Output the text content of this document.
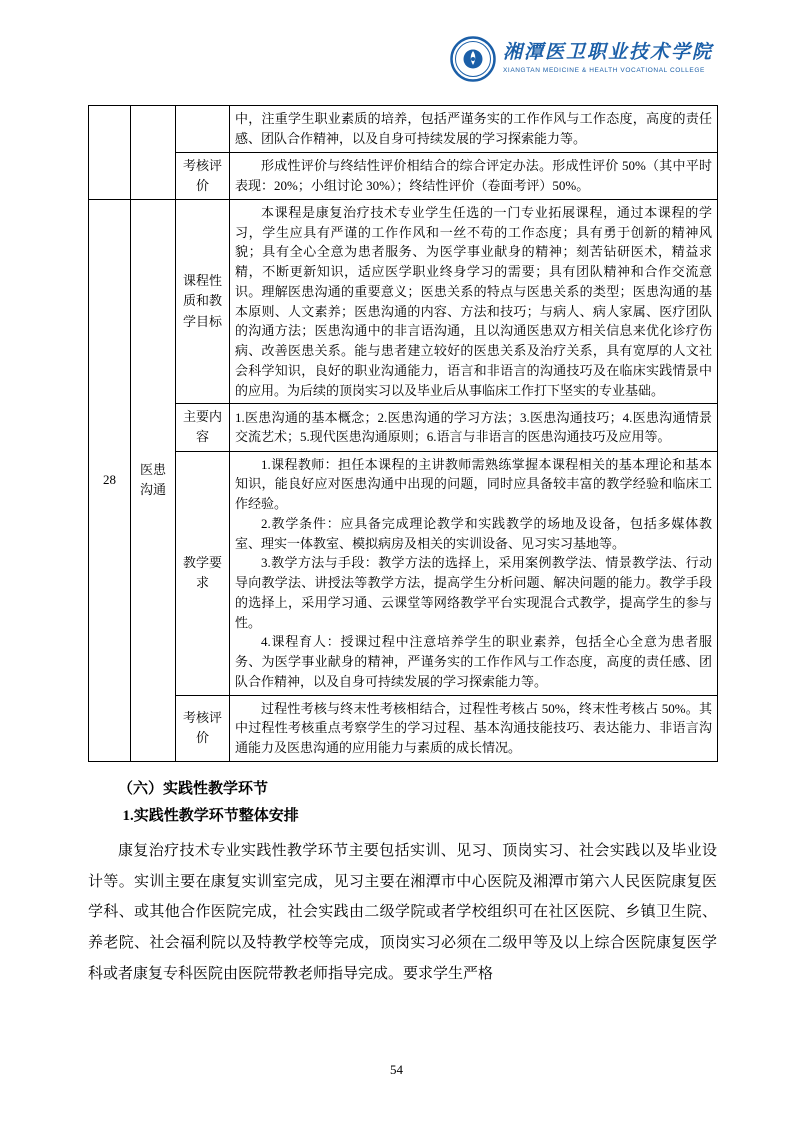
湘潭医卫职业技术学院
XIANGTAN MEDICINE & HEALTH VOCATIONAL COLLEGE

			中，注重学生职业素质的培养，包括严谨务实的工作作风与工作态度，高度的责任感、团队合作精神，以及自身可持续发展的学习探索能力等。

		考核评价	形成性评价与终结性评价相结合的综合评定办法。形成性评价 50%（其中平时表现：20%；小组讨论 30%）；终结性评价（卷面考评）50%。

28	医患沟通	课程性质和教学目标	本课程是康复治疗技术专业学生任选的一门专业拓展课程，通过本课程的学习，学生应具有严谨的工作作风和一丝不苟的工作态度；具有勇于创新的精神风貌；具有全心全意为患者服务、为医学事业献身的精神；刻苦钻研医术，精益求精，不断更新知识，适应医学职业终身学习的需要；具有团队精神和合作交流意识。理解医患沟通的重要意义；医患关系的特点与医患关系的类型；医患沟通的基本原则、人文素养；医患沟通的内容、方法和技巧；与病人、病人家属、医疗团队的沟通方法；医患沟通中的非言语沟通，且以沟通医患双方相关信息来优化诊疗伤病、改善医患关系。能与患者建立较好的医患关系及治疗关系，具有宽厚的人文社会科学知识，良好的职业沟通能力，语言和非语言的沟通技巧及在临床实践情景中的应用。为后续的顶岗实习以及毕业后从事临床工作打下坚实的专业基础。

		主要内容	1.医患沟通的基本概念；2.医患沟通的学习方法；3.医患沟通技巧；4.医患沟通情景交流艺术；5.现代医患沟通原则；6.语言与非语言的医患沟通技巧及应用等。

		教学要求	1.课程教师：担任本课程的主讲教师需熟练掌握本课程相关的基本理论和基本知识，能良好应对医患沟通中出现的问题，同时应具备较丰富的教学经验和临床工作经验。

2.教学条件：应具备完成理论教学和实践教学的场地及设备，包括多媒体教室、理实一体教室、模拟病房及相关的实训设备、见习实习基地等。

3.教学方法与手段：教学方法的选择上，采用案例教学法、情景教学法、行动导向教学法、讲授法等教学方法，提高学生分析问题、解决问题的能力。教学手段的选择上，采用学习通、云课堂等网络教学平台实现混合式教学，提高学生的参与性。

4.课程育人：授课过程中注意培养学生的职业素养，包括全心全意为患者服务、为医学事业献身的精神，严谨务实的工作作风与工作态度，高度的责任感、团队合作精神，以及自身可持续发展的学习探索能力等。

		考核评价	过程性考核与终末性考核相结合，过程性考核占 50%，终末性考核占 50%。其中过程性考核重点考察学生的学习过程、基本沟通技能技巧、表达能力、非语言沟通能力及医患沟通的应用能力与素质的成长情况。

（六）实践性教学环节
1.实践性教学环节整体安排

康复治疗技术专业实践性教学环节主要包括实训、见习、顶岗实习、社会实践以及毕业设计等。实训主要在康复实训室完成，见习主要在湘潭市中心医院及湘潭市第六人民医院康复医学科、或其他合作医院完成，社会实践由二级学院或者学校组织可在社区医院、乡镇卫生院、养老院、社会福利院以及特教学校等完成，顶岗实习必须在二级甲等及以上综合医院康复医学科或者康复专科医院由医院带教老师指导完成。要求学生严格

54
